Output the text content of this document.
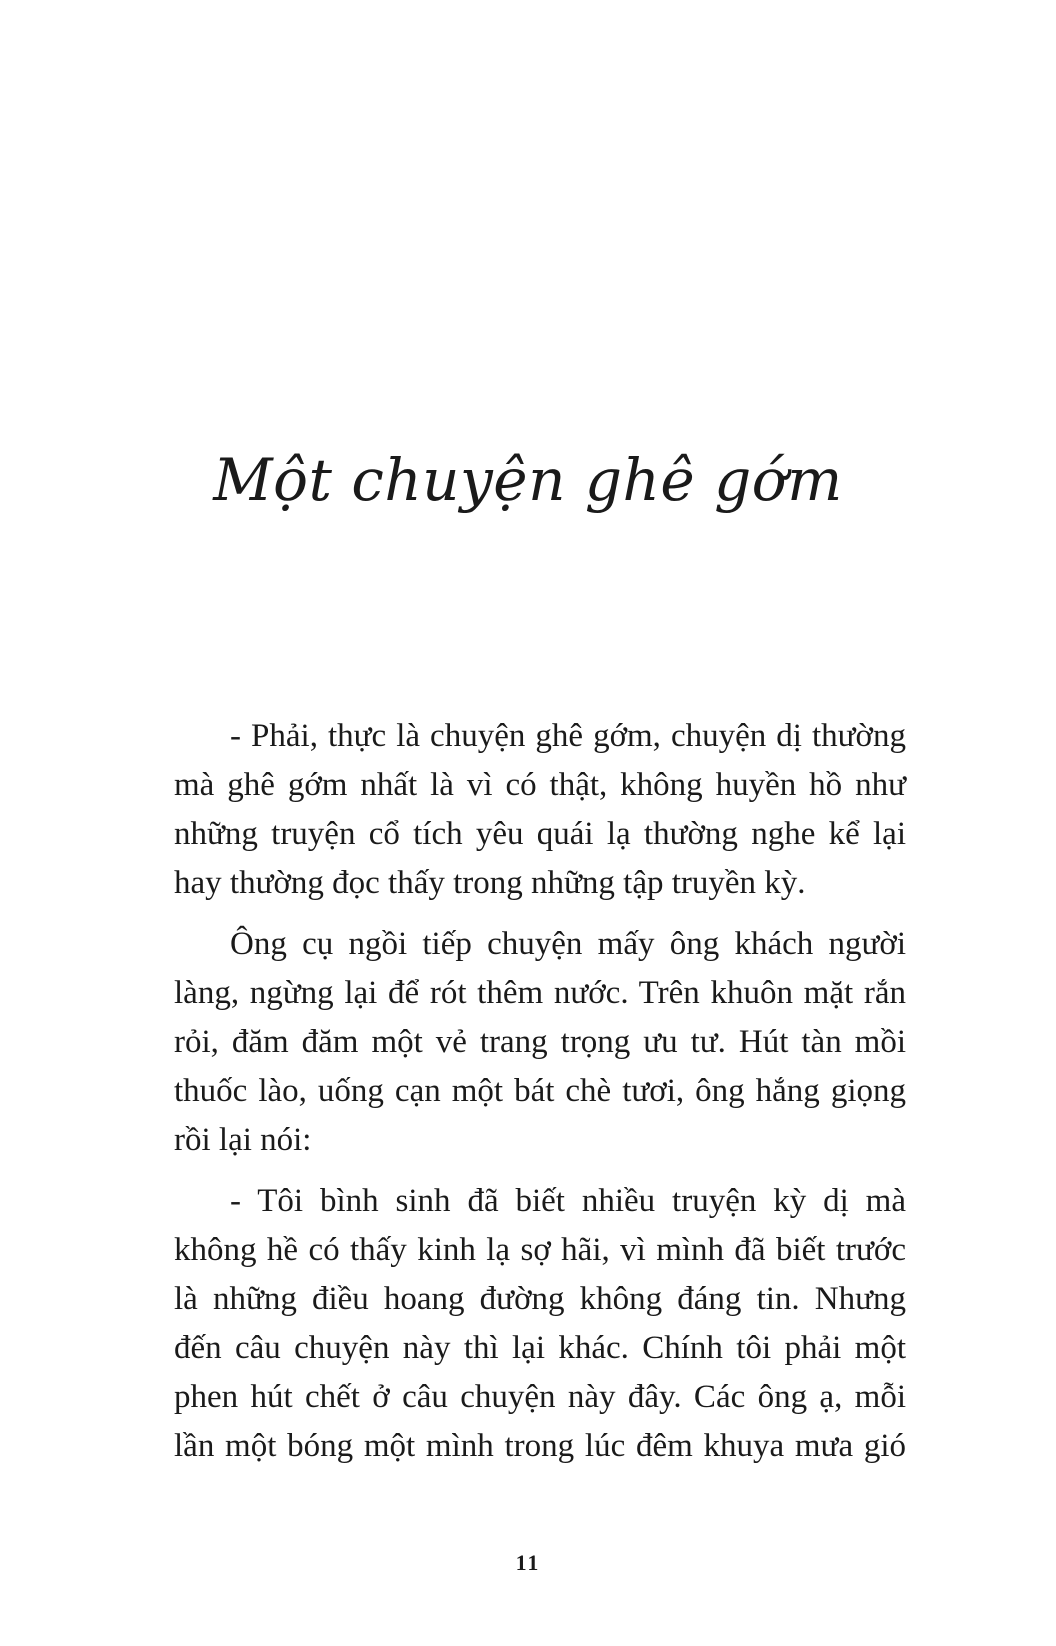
Một chuyện ghê gớm

- Phải, thực là chuyện ghê gớm, chuyện dị thường mà ghê gớm nhất là vì có thật, không huyền hồ như những truyện cổ tích yêu quái lạ thường nghe kể lại hay thường đọc thấy trong những tập truyền kỳ.

Ông cụ ngồi tiếp chuyện mấy ông khách người làng, ngừng lại để rót thêm nước. Trên khuôn mặt rắn rỏi, đăm đăm một vẻ trang trọng ưu tư. Hút tàn mồi thuốc lào, uống cạn một bát chè tươi, ông hắng giọng rồi lại nói:

- Tôi bình sinh đã biết nhiều truyện kỳ dị mà không hề có thấy kinh lạ sợ hãi, vì mình đã biết trước là những điều hoang đường không đáng tin. Nhưng đến câu chuyện này thì lại khác. Chính tôi phải một phen hút chết ở câu chuyện này đây. Các ông ạ, mỗi lần một bóng một mình trong lúc đêm khuya mưa gió

11
